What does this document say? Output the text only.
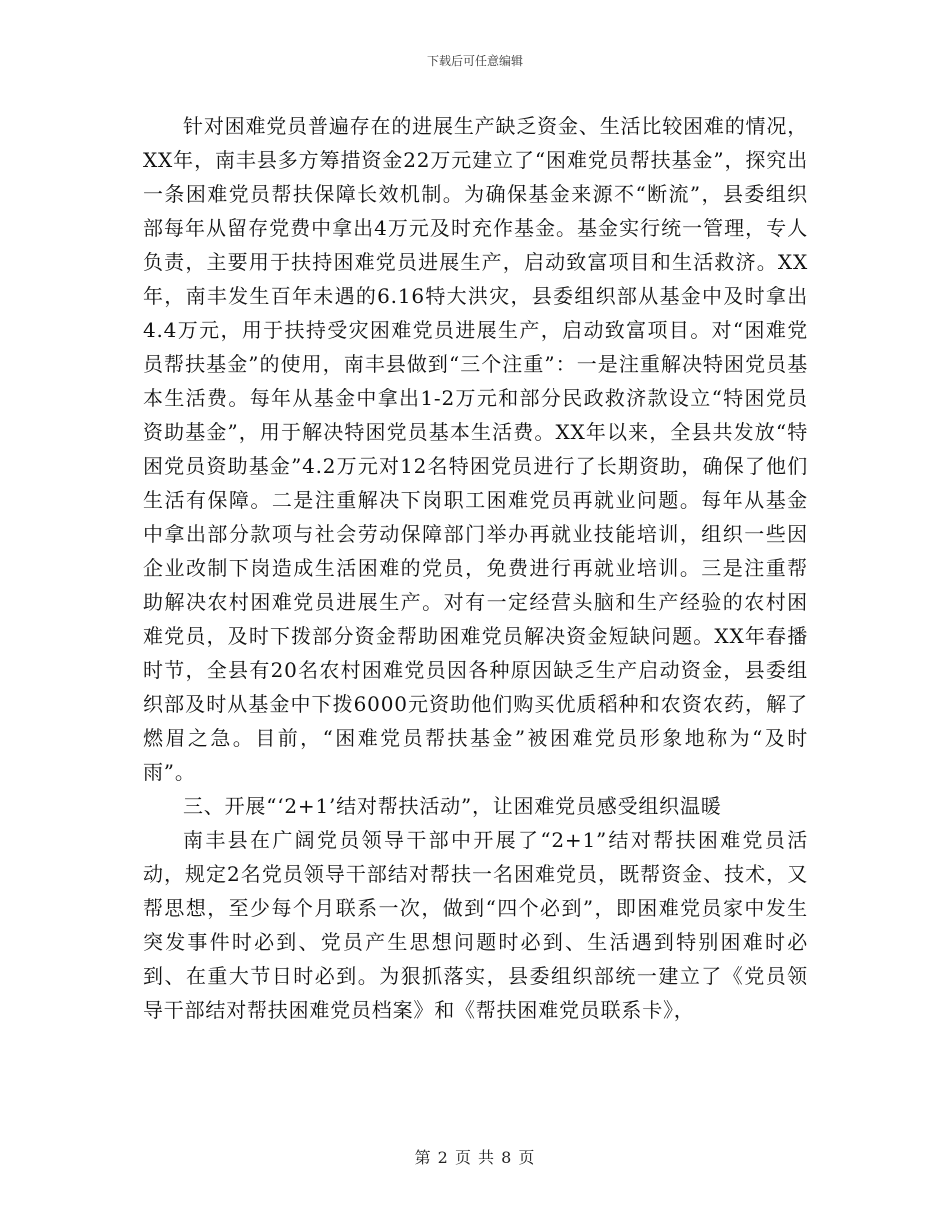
下载后可任意编辑

针对困难党员普遍存在的进展生产缺乏资金、生活比较困难的情况，XX年，南丰县多方筹措资金22万元建立了“困难党员帮扶基金”，探究出一条困难党员帮扶保障长效机制。为确保基金来源不“断流”，县委组织部每年从留存党费中拿出4万元及时充作基金。基金实行统一管理，专人负责，主要用于扶持困难党员进展生产，启动致富项目和生活救济。XX年，南丰发生百年未遇的6.16特大洪灾，县委组织部从基金中及时拿出4.4万元，用于扶持受灾困难党员进展生产，启动致富项目。对“困难党员帮扶基金”的使用，南丰县做到“三个注重”：一是注重解决特困党员基本生活费。每年从基金中拿出1-2万元和部分民政救济款设立“特困党员资助基金”，用于解决特困党员基本生活费。XX年以来，全县共发放“特困党员资助基金”4.2万元对12名特困党员进行了长期资助，确保了他们生活有保障。二是注重解决下岗职工困难党员再就业问题。每年从基金中拿出部分款项与社会劳动保障部门举办再就业技能培训，组织一些因企业改制下岗造成生活困难的党员，免费进行再就业培训。三是注重帮助解决农村困难党员进展生产。对有一定经营头脑和生产经验的农村困难党员，及时下拨部分资金帮助困难党员解决资金短缺问题。XX年春播时节，全县有20名农村困难党员因各种原因缺乏生产启动资金，县委组织部及时从基金中下拨6000元资助他们购买优质稻种和农资农药，解了燃眉之急。目前，“困难党员帮扶基金”被困难党员形象地称为“及时雨”。

三、开展“‘2+1’结对帮扶活动”，让困难党员感受组织温暖

南丰县在广阔党员领导干部中开展了“2+1”结对帮扶困难党员活动，规定2名党员领导干部结对帮扶一名困难党员，既帮资金、技术，又帮思想，至少每个月联系一次，做到“四个必到”，即困难党员家中发生突发事件时必到、党员产生思想问题时必到、生活遇到特别困难时必到、在重大节日时必到。为狠抓落实，县委组织部统一建立了《党员领导干部结对帮扶困难党员档案》和《帮扶困难党员联系卡》，

第 2 页 共 8 页
